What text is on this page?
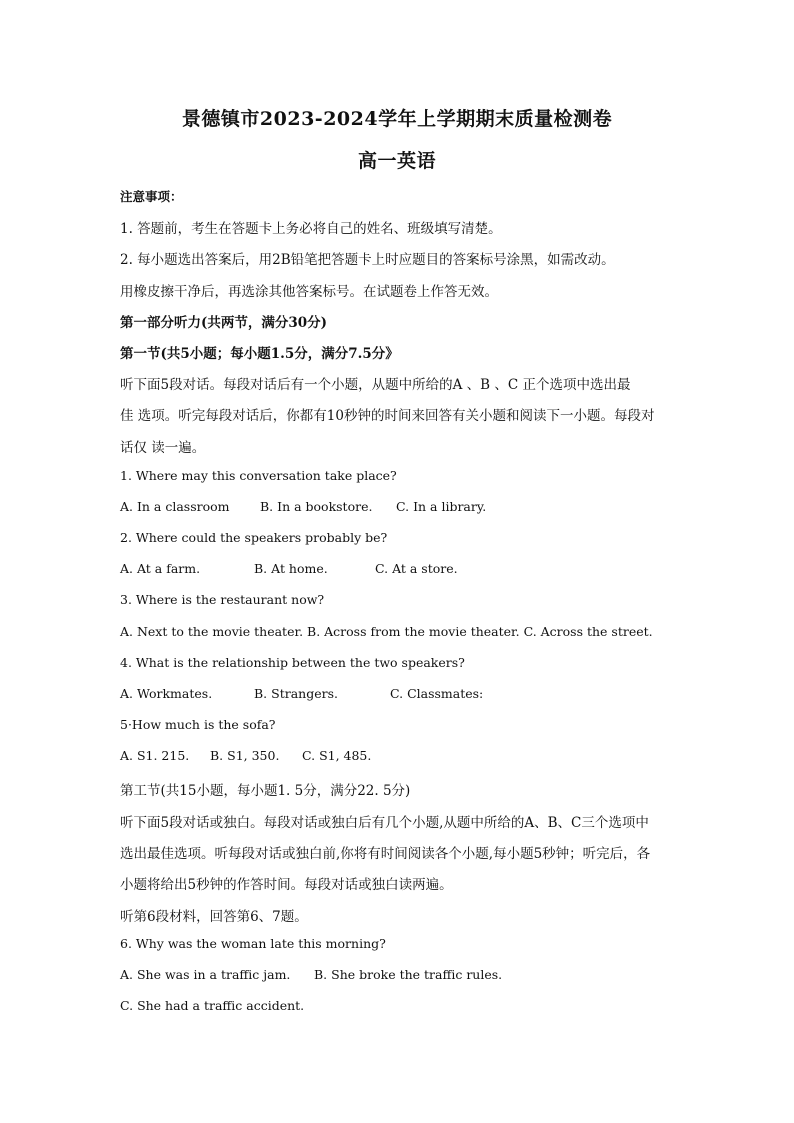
景德镇市2023-2024学年上学期期末质量检测卷
高一英语
注意事项：
1. 答题前，考生在答题卡上务必将自己的姓名、班级填写清楚。
2. 每小题选出答案后，用2B铅笔把答题卡上时应题目的答案标号涂黑，如需改动。
用橡皮擦干净后，再选涂其他答案标号。在试题卷上作答无效。
第一部分听力(共两节，满分30分)
第一节(共5小题；每小题1.5分，满分7.5分》
听下面5段对话。每段对话后有一个小题，从题中所给的A 、B 、C 正个选项中选出最
佳 选项。听完每段对话后，你都有10秒钟的时间来回答有关小题和阅读下一小题。每段对
话仅 读一遍。
1. Where may this conversation take place?
A. In a classroom B. In a bookstore. C. In a library.
2. Where could the speakers probably be?
A. At a farm.	B. At home.	C. At a store.
3. Where is the restaurant now?
A. Next to the movie theater. B. Across from the movie theater. C. Across the street.
4. What is the relationship between the two speakers?
A. Workmates.	B. Strangers.	C. Classmates:
5·How much is the sofa?
A. S1. 215. B. S1, 350. C. S1, 485.
第工节(共15小题，每小题1. 5分，满分22. 5分)
听下面5段对话或独白。每段对话或独白后有几个小题,从题中所给的A、B、C三个选项中
选出最佳选项。听每段对话或独白前,你将有时间阅读各个小题,每小题5秒钟；听完后，各
小题将给出5秒钟的作答时间。每段对话或独白读两遍。
听第6段材料，回答第6、7题。
6. Why was the woman late this morning?
A. She was in a traffic jam. B. She broke the traffic rules.
C. She had a traffic accident.
